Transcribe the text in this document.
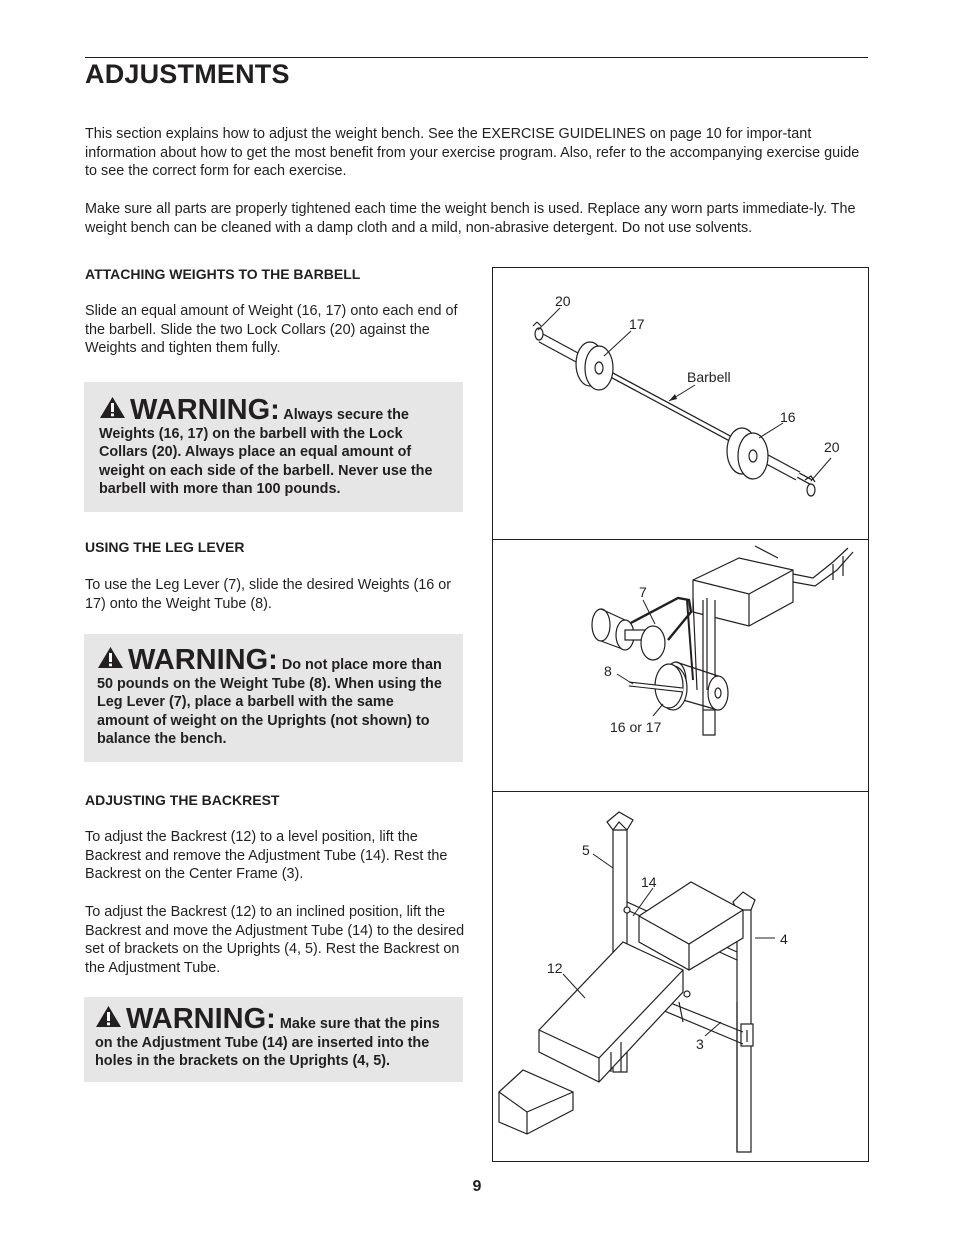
ADJUSTMENTS

This section explains how to adjust the weight bench. See the EXERCISE GUIDELINES on page 10 for impor-tant information about how to get the most benefit from your exercise program. Also, refer to the accompanying exercise guide to see the correct form for each exercise.

Make sure all parts are properly tightened each time the weight bench is used. Replace any worn parts immediate-ly. The weight bench can be cleaned with a damp cloth and a mild, non-abrasive detergent. Do not use solvents.

ATTACHING WEIGHTS TO THE BARBELL

Slide an equal amount of Weight (16, 17) onto each end of the barbell. Slide the two Lock Collars (20) against the Weights and tighten them fully.

WARNING: Always secure the Weights (16, 17) on the barbell with the Lock Collars (20). Always place an equal amount of weight on each side of the barbell. Never use the barbell with more than 100 pounds.

USING THE LEG LEVER

To use the Leg Lever (7), slide the desired Weights (16 or 17) onto the Weight Tube (8).

WARNING: Do not place more than 50 pounds on the Weight Tube (8). When using the Leg Lever (7), place a barbell with the same amount of weight on the Uprights (not shown) to balance the bench.

ADJUSTING THE BACKREST

To adjust the Backrest (12) to a level position, lift the Backrest and remove the Adjustment Tube (14). Rest the Backrest on the Center Frame (3).

To adjust the Backrest (12) to an inclined position, lift the Backrest and move the Adjustment Tube (14) to the desired set of brackets on the Uprights (4, 5). Rest the Backrest on the Adjustment Tube.

WARNING: Make sure that the pins on the Adjustment Tube (14) are inserted into the holes in the brackets on the Uprights (4, 5).

20
17
Barbell
16
20
7
8
16 or 17
5
14
4
12
3
9
